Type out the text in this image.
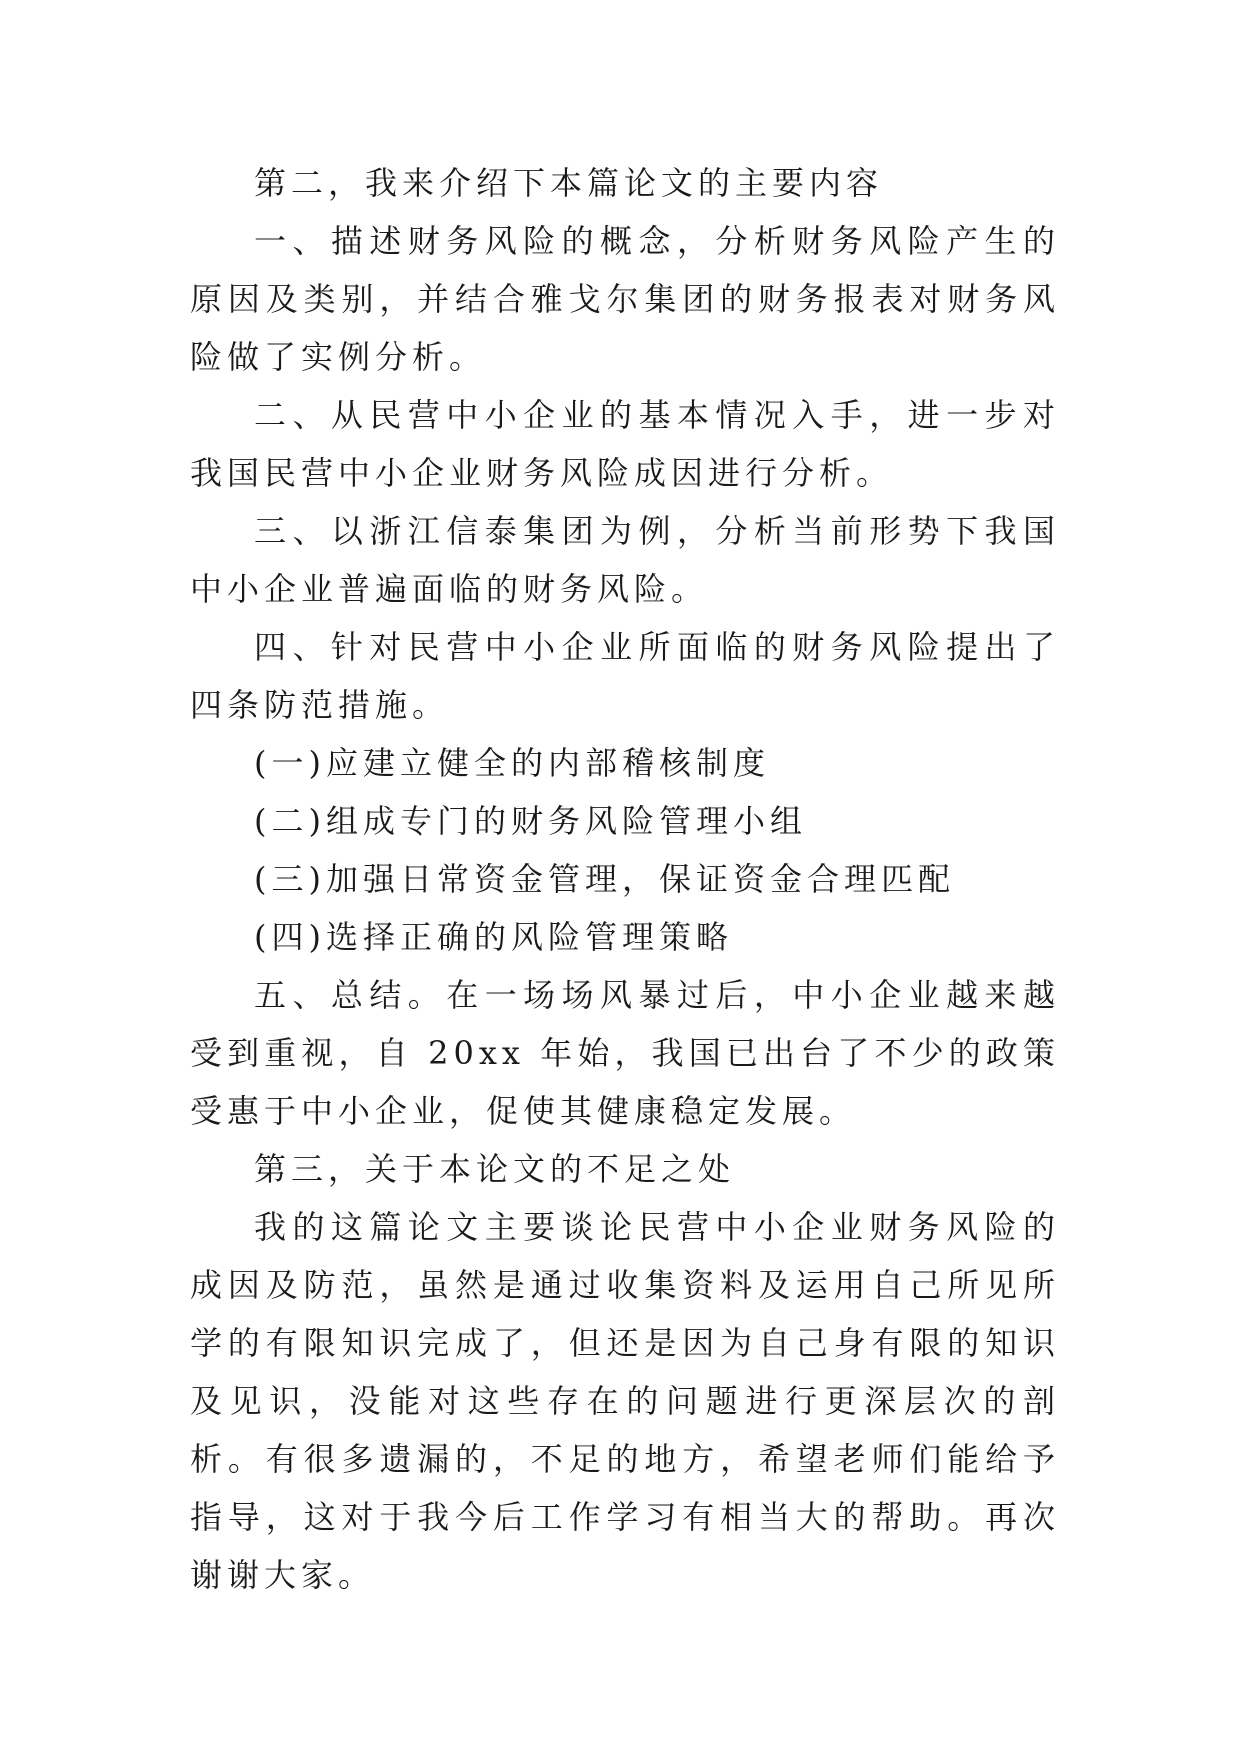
第二，我来介绍下本篇论文的主要内容

一、描述财务风险的概念，分析财务风险产生的原因及类别，并结合雅戈尔集团的财务报表对财务风险做了实例分析。

二、从民营中小企业的基本情况入手，进一步对我国民营中小企业财务风险成因进行分析。

三、以浙江信泰集团为例，分析当前形势下我国中小企业普遍面临的财务风险。

四、针对民营中小企业所面临的财务风险提出了四条防范措施。

(一)应建立健全的内部稽核制度

(二)组成专门的财务风险管理小组

(三)加强日常资金管理，保证资金合理匹配

(四)选择正确的风险管理策略

五、总结。在一场场风暴过后，中小企业越来越受到重视，自 20xx 年始，我国已出台了不少的政策受惠于中小企业，促使其健康稳定发展。

第三，关于本论文的不足之处

我的这篇论文主要谈论民营中小企业财务风险的成因及防范，虽然是通过收集资料及运用自己所见所学的有限知识完成了，但还是因为自己身有限的知识及见识，没能对这些存在的问题进行更深层次的剖析。有很多遗漏的，不足的地方，希望老师们能给予指导，这对于我今后工作学习有相当大的帮助。再次谢谢大家。
